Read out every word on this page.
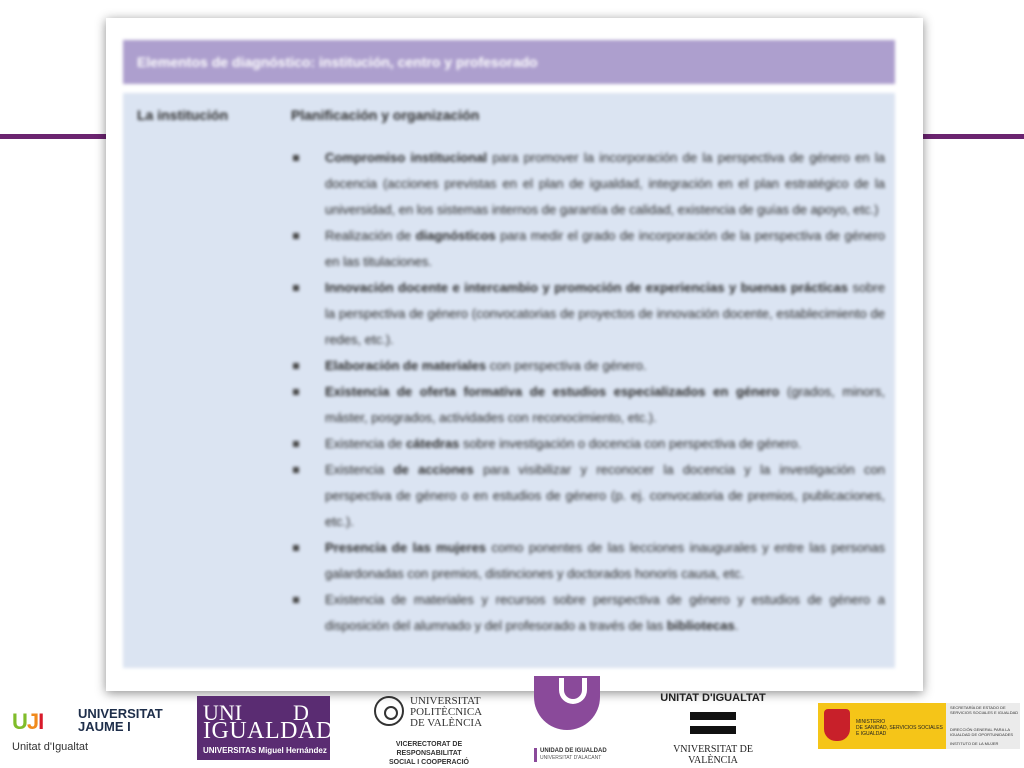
Elementos de diagnóstico: institución, centro y profesorado
La institución	Planificación y organización
Compromiso institucional para promover la incorporación de la perspectiva de género en la docencia (acciones previstas en el plan de igualdad, integración en el plan estratégico de la universidad, en los sistemas internos de garantía de calidad, existencia de guías de apoyo, etc.)
Realización de diagnósticos para medir el grado de incorporación de la perspectiva de género en las titulaciones.
Innovación docente e intercambio y promoción de experiencias y buenas prácticas sobre la perspectiva de género (convocatorias de proyectos de innovación docente, establecimiento de redes, etc.).
Elaboración de materiales con perspectiva de género.
Existencia de oferta formativa de estudios especializados en género (grados, minors, máster, posgrados, actividades con reconocimiento, etc.).
Existencia de cátedras sobre investigación o docencia con perspectiva de género.
Existencia de acciones para visibilizar y reconocer la docencia y la investigación con perspectiva de género o en estudios de género (p. ej. convocatoria de premios, publicaciones, etc.).
Presencia de las mujeres como ponentes de las lecciones inaugurales y entre las personas galardonadas con premios, distinciones y doctorados honoris causa, etc.
Existencia de materiales y recursos sobre perspectiva de género y estudios de género a disposición del alumnado y del profesorado a través de las bibliotecas.
UJI	UNIVERSITAT
JAUME I
Unitat d'Igualtat
UNI D
IGUALDAD
UNIVERSITAS Miguel Hernández
UNIVERSITAT
POLITÈCNICA
DE VALÈNCIA
VICERECTORAT DE RESPONSABILITAT
SOCIAL I COOPERACIÓ
UNIDAD DE IGUALDAD
UNIVERSITAT D'ALACANT
UNITAT D'IGUALTAT
VNIVERSITAT DE VALÈNCIA
MINISTERIO
DE SANIDAD, SERVICIOS SOCIALES
E IGUALDAD
SECRETARÍA DE ESTADO DE SERVICIOS SOCIALES E IGUALDAD
DIRECCIÓN GENERAL PARA LA IGUALDAD DE OPORTUNIDADES
INSTITUTO DE LA MUJER
